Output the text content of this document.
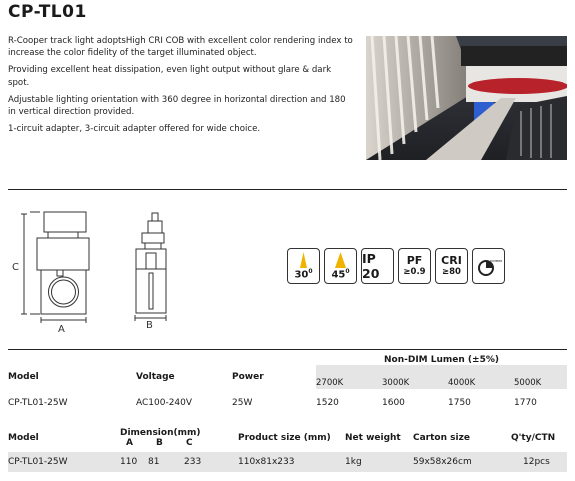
CP-TL01

R-Cooper track light adoptsHigh CRI COB with excellent color rendering index to increase the color fidelity of the target illuminated object.

Providing excellent heat dissipation, even light output without glare & dark spot.

Adjustable lighting orientation with 360 degree in horizontal direction and 180 in vertical direction provided.

1-circuit adapter, 3-circuit adapter offered for wide choice.

C
A	B
$30^0$	$45^0$
IP 20
PF
≥0.9
CRI
≥80
DIMMER
			Non-DIM Lumen (±5%)			
Model	Voltage	Power				
			2700K	3000K	4000K	5000K
CP-TL01-25W	AC100-240V	25W	1520	1600	1750	1770
Model	Dimension(mm)			Product size (mm)	Net weight	Carton size	Q'ty/CTN
	A	B	C				

CP-TL01-25W	110	81	233	110x81x233	1kg	59x58x26cm	12pcs
